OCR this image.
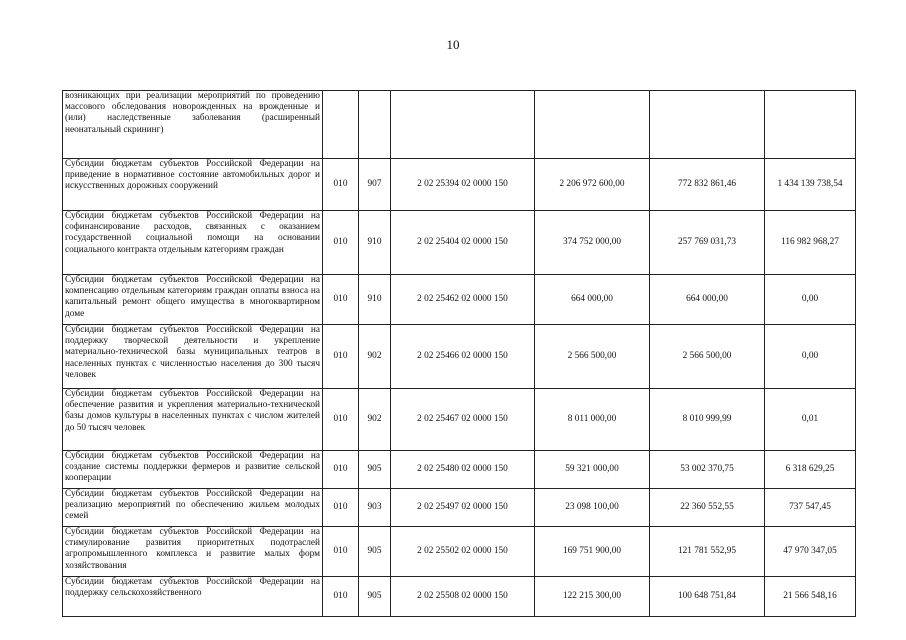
10
возникающих при реализации мероприятий по проведению массового обследования новорожденных на врожденные и (или) наследственные заболевания (расширенный неонатальный скрининг)						
Субсидии бюджетам субъектов Российской Федерации на приведение в нормативное состояние автомобильных дорог и искусственных дорожных сооружений	010	907	2 02 25394 02 0000 150	2 206 972 600,00	772 832 861,46	1 434 139 738,54
Субсидии бюджетам субъектов Российской Федерации на софинансирование расходов, связанных с оказанием государственной социальной помощи на основании социального контракта отдельным категориям граждан	010	910	2 02 25404 02 0000 150	374 752 000,00	257 769 031,73	116 982 968,27
Субсидии бюджетам субъектов Российской Федерации на компенсацию отдельным категориям граждан оплаты взноса на капитальный ремонт общего имущества в многоквартирном доме	010	910	2 02 25462 02 0000 150	664 000,00	664 000,00	0,00
Субсидии бюджетам субъектов Российской Федерации на поддержку творческой деятельности и укрепление материально-технической базы муниципальных театров в населенных пунктах с численностью населения до 300 тысяч человек	010	902	2 02 25466 02 0000 150	2 566 500,00	2 566 500,00	0,00
Субсидии бюджетам субъектов Российской Федерации на обеспечение развития и укрепления материально-технической базы домов культуры в населенных пунктах с числом жителей до 50 тысяч человек	010	902	2 02 25467 02 0000 150	8 011 000,00	8 010 999,99	0,01
Субсидии бюджетам субъектов Российской Федерации на создание системы поддержки фермеров и развитие сельской кооперации	010	905	2 02 25480 02 0000 150	59 321 000,00	53 002 370,75	6 318 629,25
Субсидии бюджетам субъектов Российской Федерации на реализацию мероприятий по обеспечению жильем молодых семей	010	903	2 02 25497 02 0000 150	23 098 100,00	22 360 552,55	737 547,45
Субсидии бюджетам субъектов Российской Федерации на стимулирование развития приоритетных подотраслей агропромышленного комплекса и развитие малых форм хозяйствования	010	905	2 02 25502 02 0000 150	169 751 900,00	121 781 552,95	47 970 347,05
Субсидии бюджетам субъектов Российской Федерации на поддержку сельскохозяйственного	010	905	2 02 25508 02 0000 150	122 215 300,00	100 648 751,84	21 566 548,16
